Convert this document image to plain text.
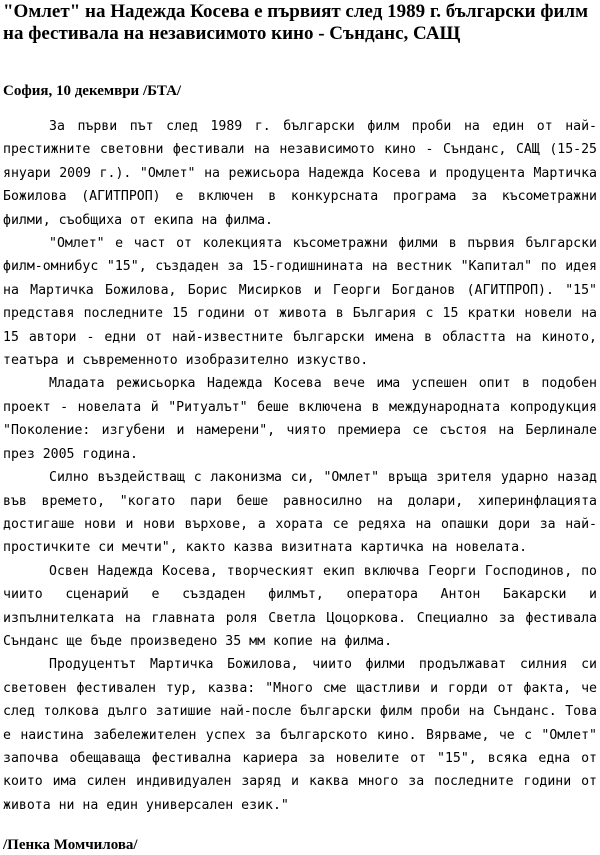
"Омлет" на Надежда Косева е първият след 1989 г. български филм на фестивала на независимото кино - Сънданс, САЩ

София, 10 декември /БТА/

За първи път след 1989 г. български филм проби на един от най-престижните световни фестивали на независимото кино - Сънданс, САЩ (15-25 януари 2009 г.). "Омлет" на режисьора Надежда Косева и продуцента Мартичка Божилова (АГИТПРОП) е включен в конкурсната програма за късометражни филми, съобщиха от екипа на филма.

"Омлет" е част от колекцията късометражни филми в първия български филм-омнибус "15", създаден за 15-годишнината на вестник "Капитал" по идея на Мартичка Божилова, Борис Мисирков и Георги Богданов (АГИТПРОП). "15" представя последните 15 години от живота в България с 15 кратки новели на 15 автори - едни от най-известните български имена в областта на киното, театъра и съвременното изобразително изкуство.

Младата режисьорка Надежда Косева вече има успешен опит в подобен проект - новелата й "Ритуалът" беше включена в международната копродукция "Поколение: изгубени и намерени", чиято премиера се състоя на Берлинале през 2005 година.

Силно въздействащ с лаконизма си, "Омлет" връща зрителя ударно назад във времето, "когато пари беше равносилно на долари, хиперинфлацията достигаше нови и нови върхове, а хората се редяха на опашки дори за най-простичките си мечти", както казва визитната картичка на новелата.

Освен Надежда Косева, творческият екип включва Георги Господинов, по чиито сценарий е създаден филмът, оператора Антон Бакарски и изпълнителката на главната роля Светла Цоцоркова. Специално за фестивала Сънданс ще бъде произведено 35 мм копие на филма.

Продуцентът Мартичка Божилова, чиито филми продължават силния си световен фестивален тур, казва: "Много сме щастливи и горди от факта, че след толкова дълго затишие най-после български филм проби на Сънданс. Това е наистина забележителен успех за българското кино. Вярваме, че с "Омлет" започва обещаваща фестивална кариера за новелите от "15", всяка една от които има силен индивидуален заряд и каква много за последните години от живота ни на един универсален език."

/Пенка Момчилова/
